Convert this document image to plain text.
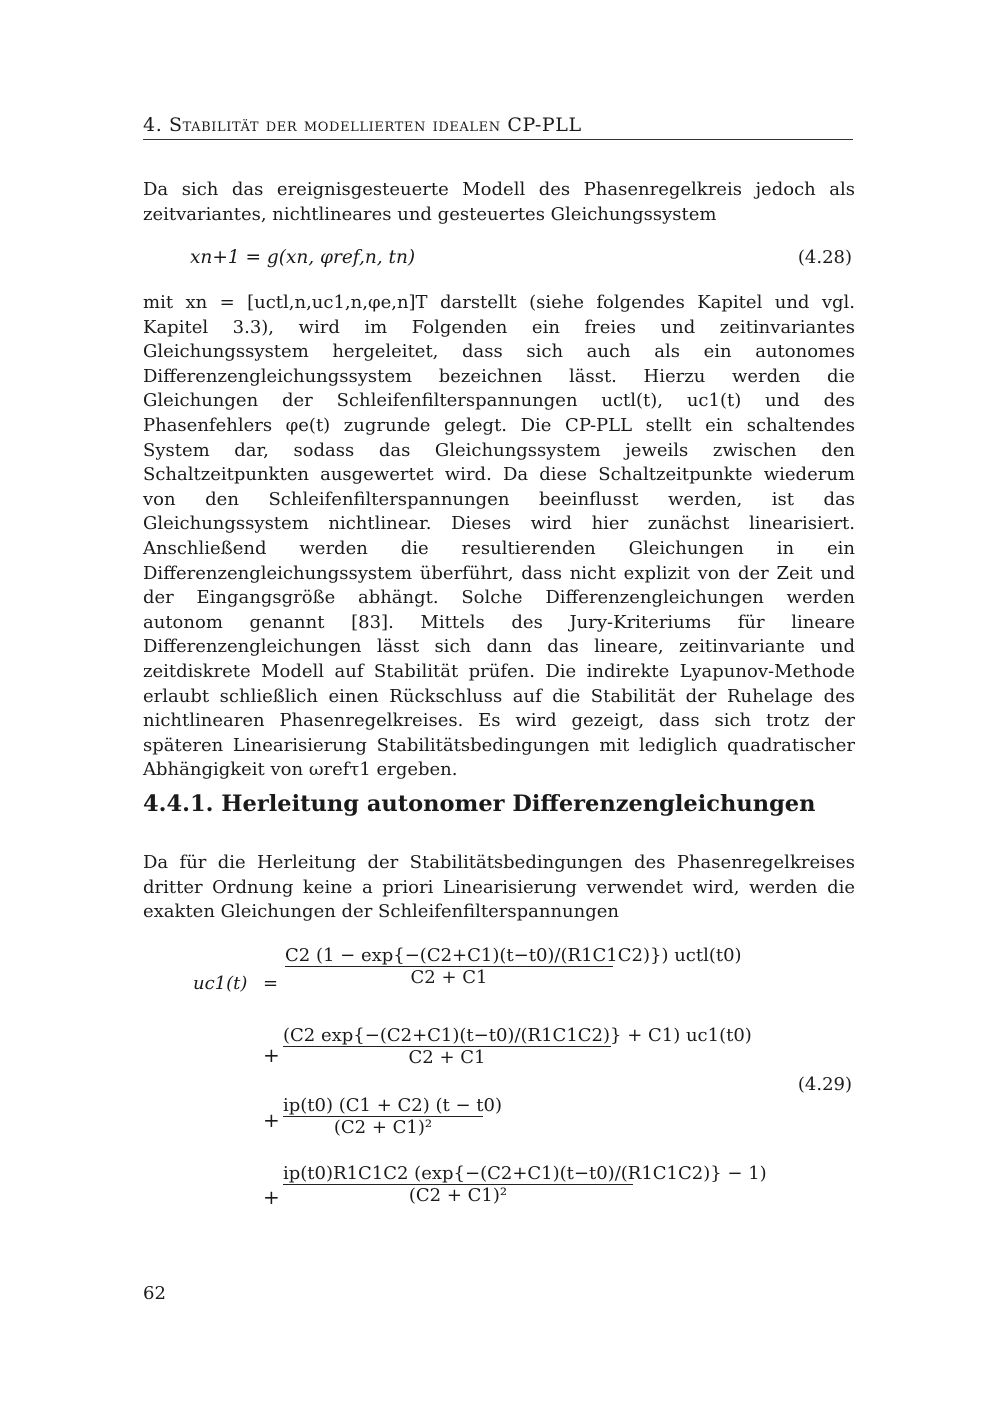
4. Stabilität der modellierten idealen CP-PLL

Da sich das ereignisgesteuerte Modell des Phasenregelkreis jedoch als zeitvariantes, nichtlineares und gesteuertes Gleichungssystem

xn+1 = g(xn, φref,n, tn)	(4.28)

mit xn = [uctl,n,uc1,n,φe,n]T darstellt (siehe folgendes Kapitel und vgl. Kapitel 3.3), wird im Folgenden ein freies und zeitinvariantes Gleichungssystem hergeleitet, dass sich auch als ein autonomes Differenzengleichungssystem bezeichnen lässt. Hierzu werden die Gleichungen der Schleifenfilterspannungen uctl(t), uc1(t) und des Phasenfehlers φe(t) zugrunde gelegt. Die CP-PLL stellt ein schaltendes System dar, sodass das Gleichungssystem jeweils zwischen den Schaltzeitpunkten ausgewertet wird. Da diese Schaltzeitpunkte wiederum von den Schleifenfilterspannungen beeinflusst werden, ist das Gleichungssystem nichtlinear. Dieses wird hier zunächst linearisiert. Anschließend werden die resultierenden Gleichungen in ein Differenzengleichungssystem überführt, dass nicht explizit von der Zeit und der Eingangsgröße abhängt. Solche Differenzengleichungen werden autonom genannt [83]. Mittels des Jury-Kriteriums für lineare Differenzengleichungen lässt sich dann das lineare, zeitinvariante und zeitdiskrete Modell auf Stabilität prüfen. Die indirekte Lyapunov-Methode erlaubt schließlich einen Rückschluss auf die Stabilität der Ruhelage des nichtlinearen Phasenregelkreises. Es wird gezeigt, dass sich trotz der späteren Linearisierung Stabilitätsbedingungen mit lediglich quadratischer Abhängigkeit von ωrefτ1 ergeben.

4.4.1. Herleitung autonomer Differenzengleichungen

Da für die Herleitung der Stabilitätsbedingungen des Phasenregelkreises dritter Ordnung keine a priori Linearisierung verwendet wird, werden die exakten Gleichungen der Schleifenfilterspannungen

uc1(t) =
C2 (1 − exp{−(C2+C1)(t−t0)/(R1C1C2)}) uctl(t0)
C2 + C1
+
(C2 exp{−(C2+C1)(t−t0)/(R1C1C2)} + C1) uc1(t0)
C2 + C1
+
ip(t0) (C1 + C2) (t − t0)
(C2 + C1)²
+
ip(t0)R1C1C2 (exp{−(C2+C1)(t−t0)/(R1C1C2)} − 1)
(C2 + C1)²
(4.29)
62
